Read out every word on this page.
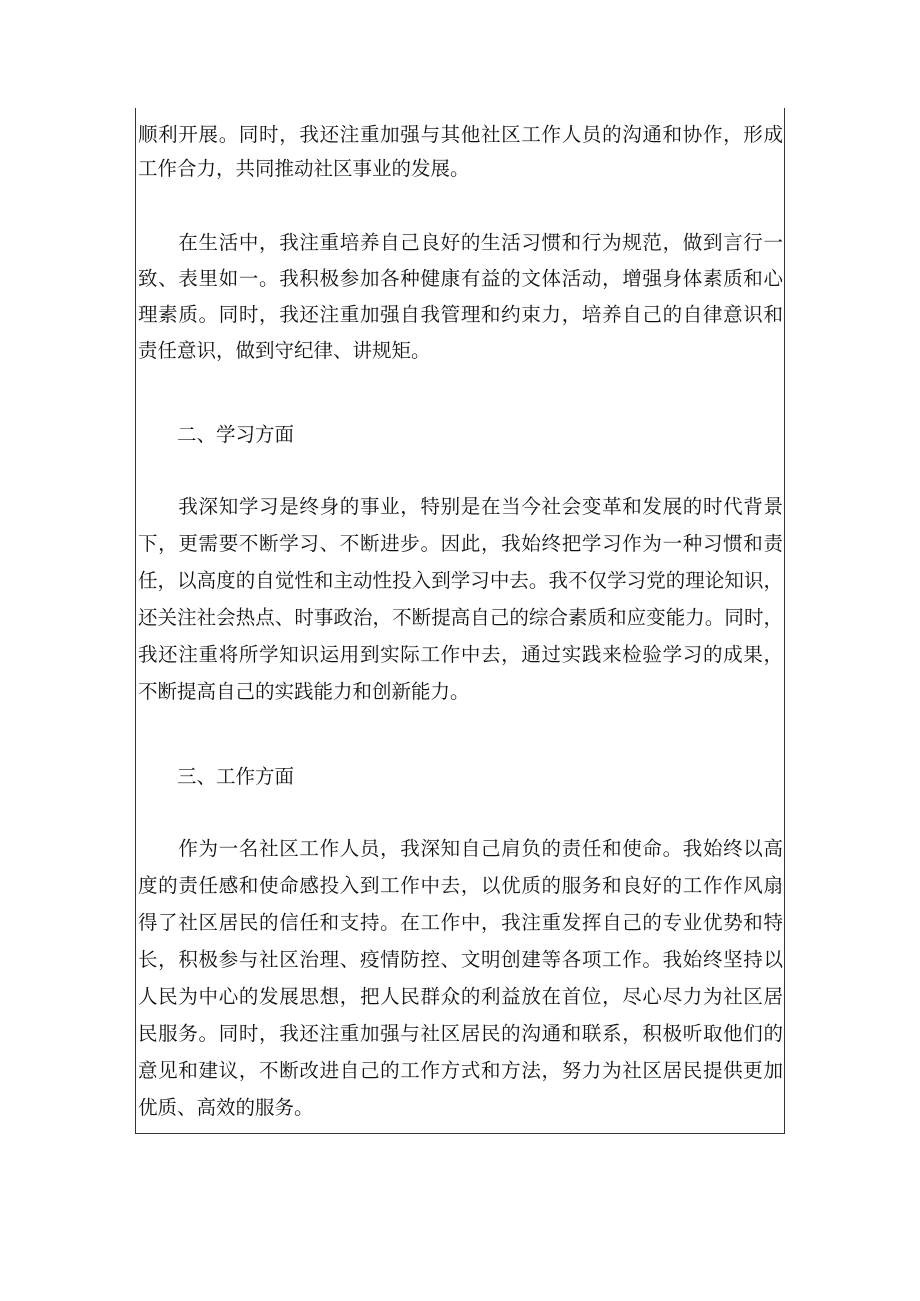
顺利开展。同时，我还注重加强与其他社区工作人员的沟通和协作，形成
工作合力，共同推动社区事业的发展。
　　在生活中，我注重培养自己良好的生活习惯和行为规范，做到言行一
致、表里如一。我积极参加各种健康有益的文体活动，增强身体素质和心
理素质。同时，我还注重加强自我管理和约束力，培养自己的自律意识和
责任意识，做到守纪律、讲规矩。
　　二、学习方面
　　我深知学习是终身的事业，特别是在当今社会变革和发展的时代背景
下，更需要不断学习、不断进步。因此，我始终把学习作为一种习惯和责
任，以高度的自觉性和主动性投入到学习中去。我不仅学习党的理论知识，
还关注社会热点、时事政治，不断提高自己的综合素质和应变能力。同时，
我还注重将所学知识运用到实际工作中去，通过实践来检验学习的成果，
不断提高自己的实践能力和创新能力。
　　三、工作方面
　　作为一名社区工作人员，我深知自己肩负的责任和使命。我始终以高
度的责任感和使命感投入到工作中去，以优质的服务和良好的工作作风扇
得了社区居民的信任和支持。在工作中，我注重发挥自己的专业优势和特
长，积极参与社区治理、疫情防控、文明创建等各项工作。我始终坚持以
人民为中心的发展思想，把人民群众的利益放在首位，尽心尽力为社区居
民服务。同时，我还注重加强与社区居民的沟通和联系，积极听取他们的
意见和建议，不断改进自己的工作方式和方法，努力为社区居民提供更加
优质、高效的服务。
